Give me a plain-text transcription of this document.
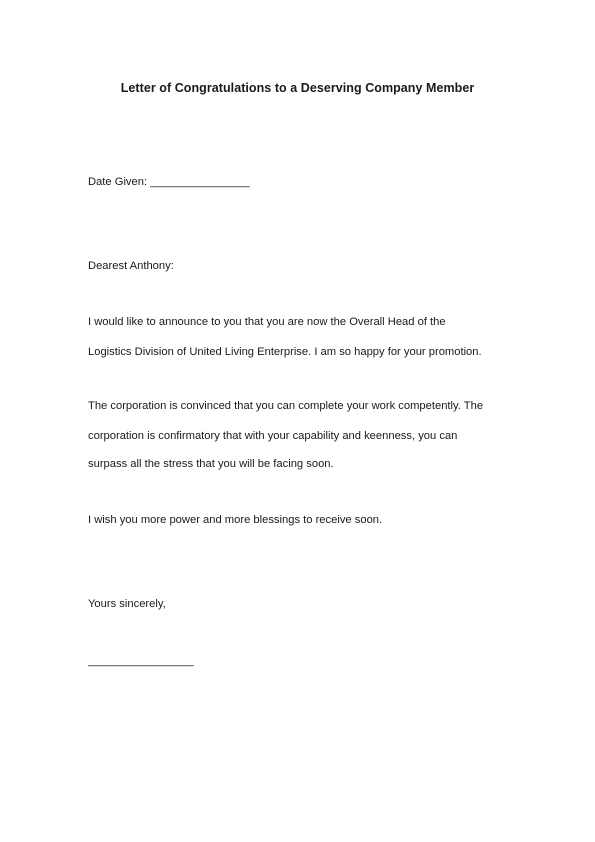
Letter of Congratulations to a Deserving Company Member
Date Given: ________________
Dearest Anthony:
I would like to announce to you that you are now the Overall Head of the
Logistics Division of United Living Enterprise. I am so happy for your promotion.
The corporation is convinced that you can complete your work competently. The
corporation is confirmatory that with your capability and keenness, you can
surpass all the stress that you will be facing soon.
I wish you more power and more blessings to receive soon.
Yours sincerely,
_________________
